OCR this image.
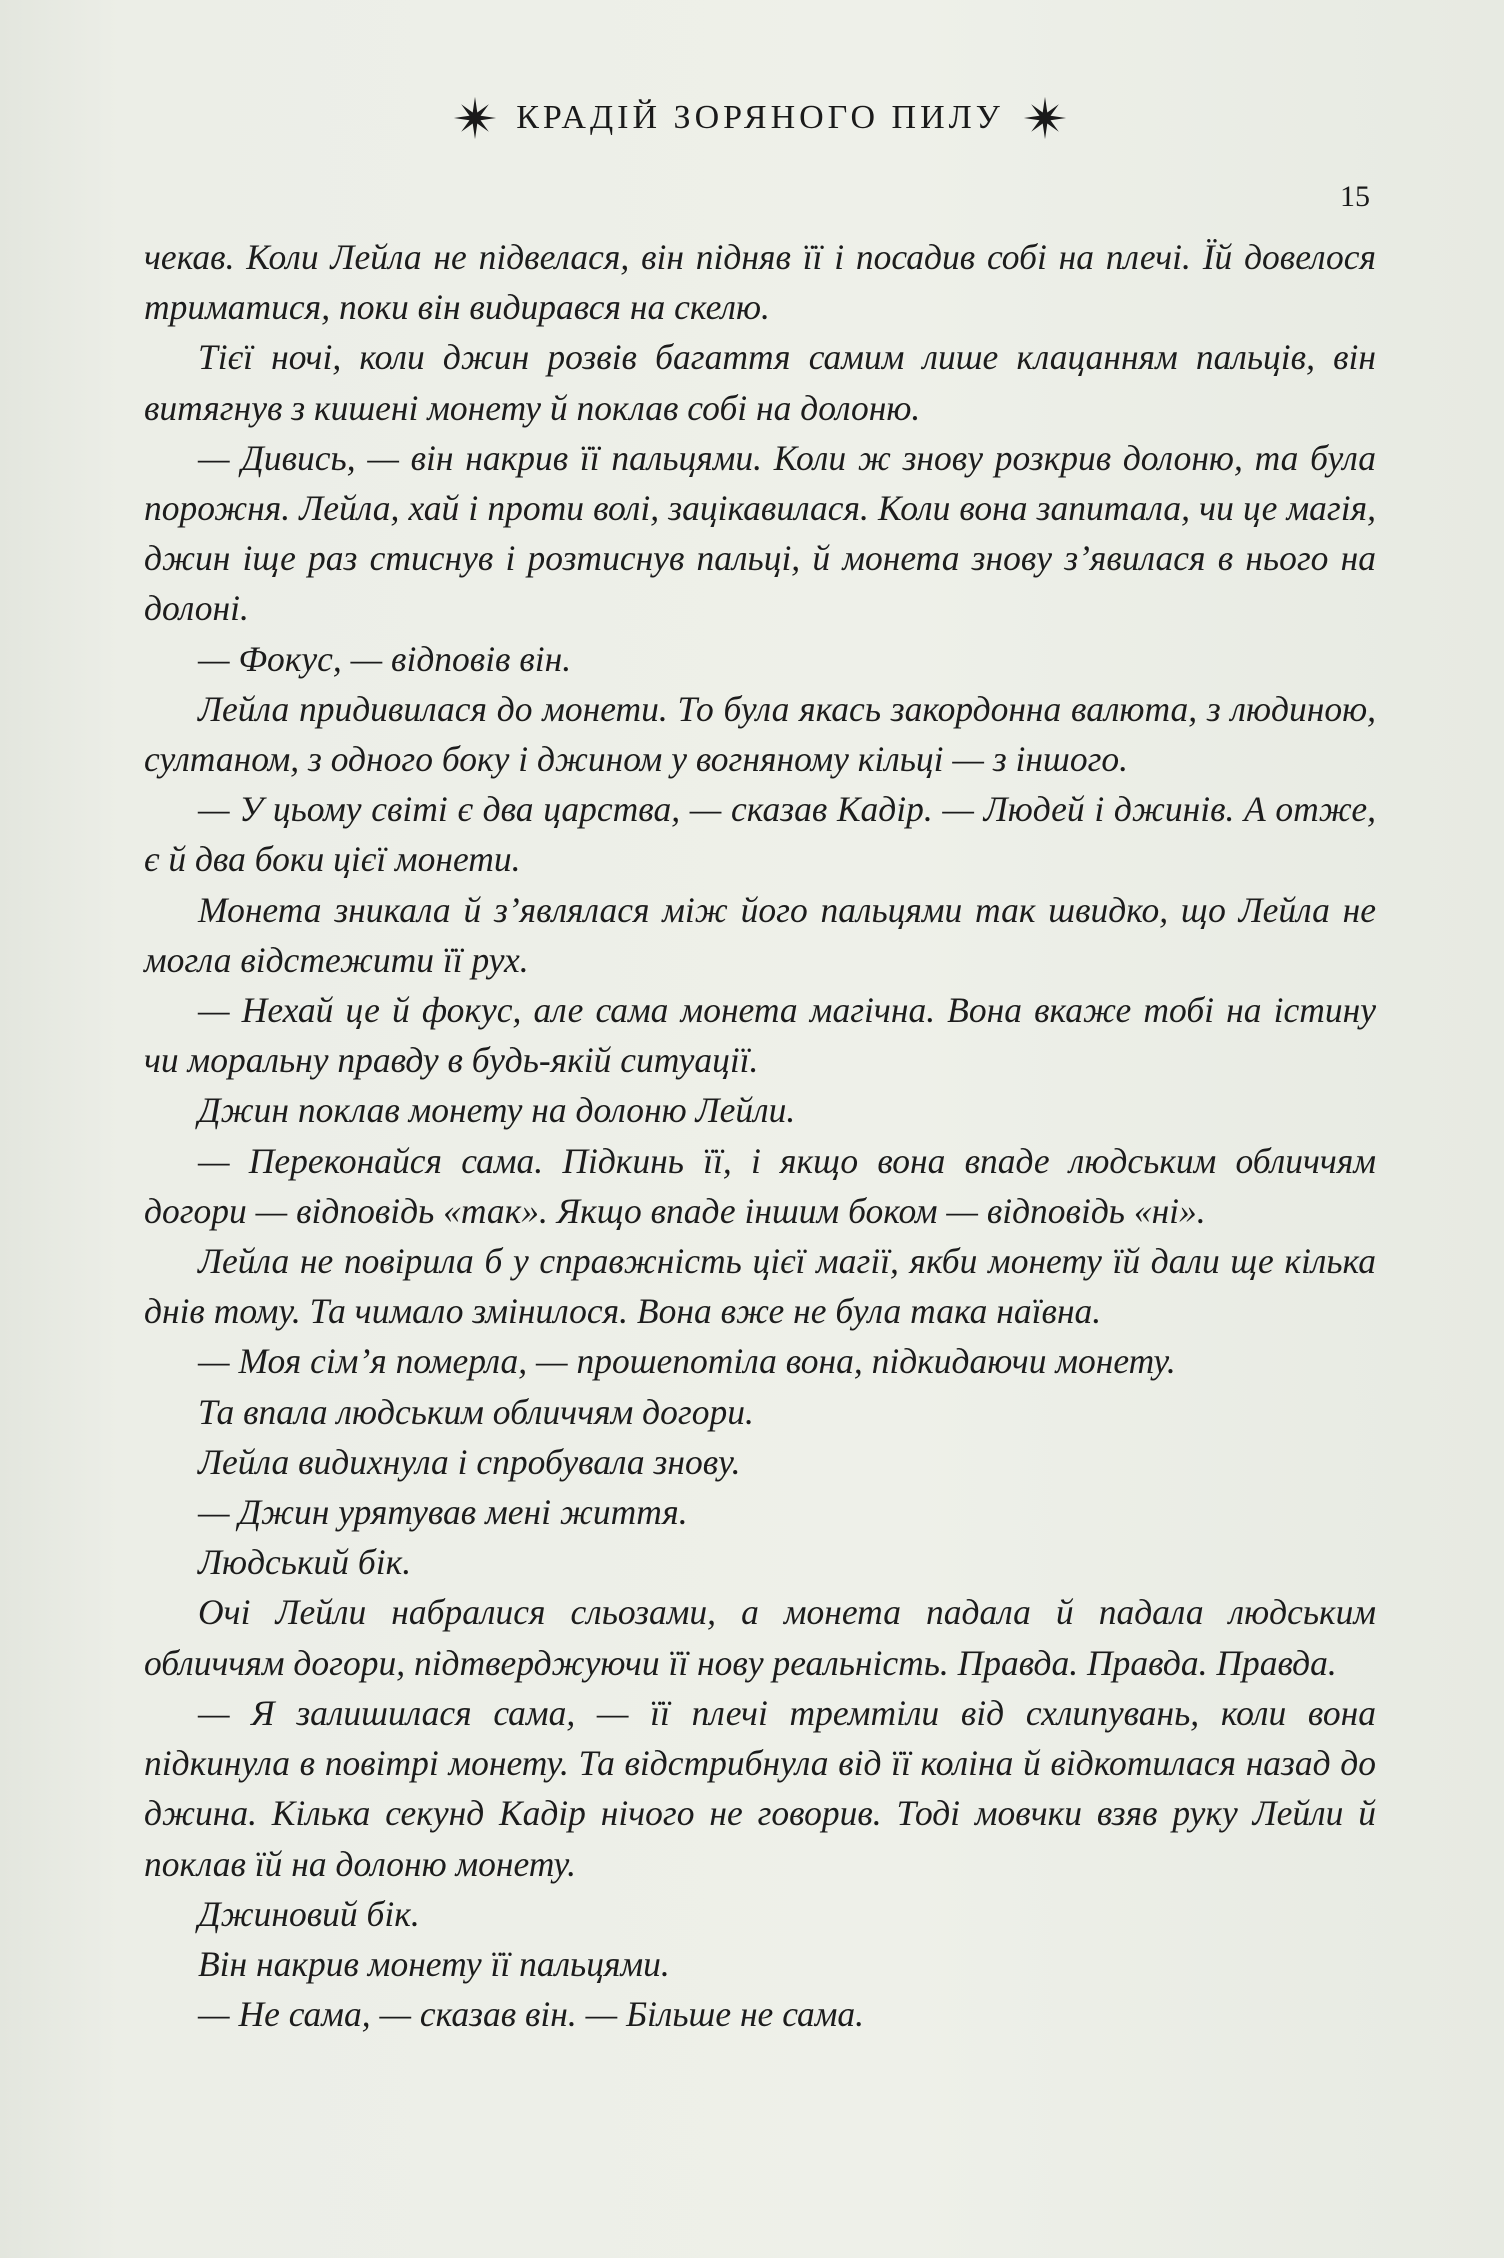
КРАДІЙ ЗОРЯНОГО ПИЛУ
15

чекав. Коли Лейла не підвелася, він підняв її і посадив собі на плечі. Їй довелося триматися, поки він видирався на скелю.

Тієї ночі, коли джин розвів багаття самим лише клацанням пальців, він витягнув з кишені монету й поклав собі на долоню.

— Дивись, — він накрив її пальцями. Коли ж знову розкрив долоню, та була порожня. Лейла, хай і проти волі, зацікавилася. Коли вона запитала, чи це магія, джин іще раз стиснув і розтиснув пальці, й монета знову з’явилася в нього на долоні.

— Фокус, — відповів він.

Лейла придивилася до монети. То була якась закордонна валюта, з людиною, султаном, з одного боку і джином у вогняному кільці — з іншого.

— У цьому світі є два царства, — сказав Кадір. — Людей і джинів. А отже, є й два боки цієї монети.

Монета зникала й з’являлася між його пальцями так швидко, що Лейла не могла відстежити її рух.

— Нехай це й фокус, але сама монета магічна. Вона вкаже тобі на істину чи моральну правду в будь-якій ситуації.

Джин поклав монету на долоню Лейли.

— Переконайся сама. Підкинь її, і якщо вона впаде людським обличчям догори — відповідь «так». Якщо впаде іншим боком — відповідь «ні».

Лейла не повірила б у справжність цієї магії, якби монету їй дали ще кілька днів тому. Та чимало змінилося. Вона вже не була така наївна.

— Моя сім’я померла, — прошепотіла вона, підкидаючи монету.

Та впала людським обличчям догори.

Лейла видихнула і спробувала знову.

— Джин урятував мені життя.

Людський бік.

Очі Лейли набралися сльозами, а монета падала й падала людським обличчям догори, підтверджуючи її нову реальність. Правда. Правда. Правда.

— Я залишилася сама, — її плечі тремтіли від схлипувань, коли вона підкинула в повітрі монету. Та відстрибнула від її коліна й відкотилася назад до джина. Кілька секунд Кадір нічого не говорив. Тоді мовчки взяв руку Лейли й поклав їй на долоню монету.

Джиновий бік.

Він накрив монету її пальцями.

— Не сама, — сказав він. — Більше не сама.
